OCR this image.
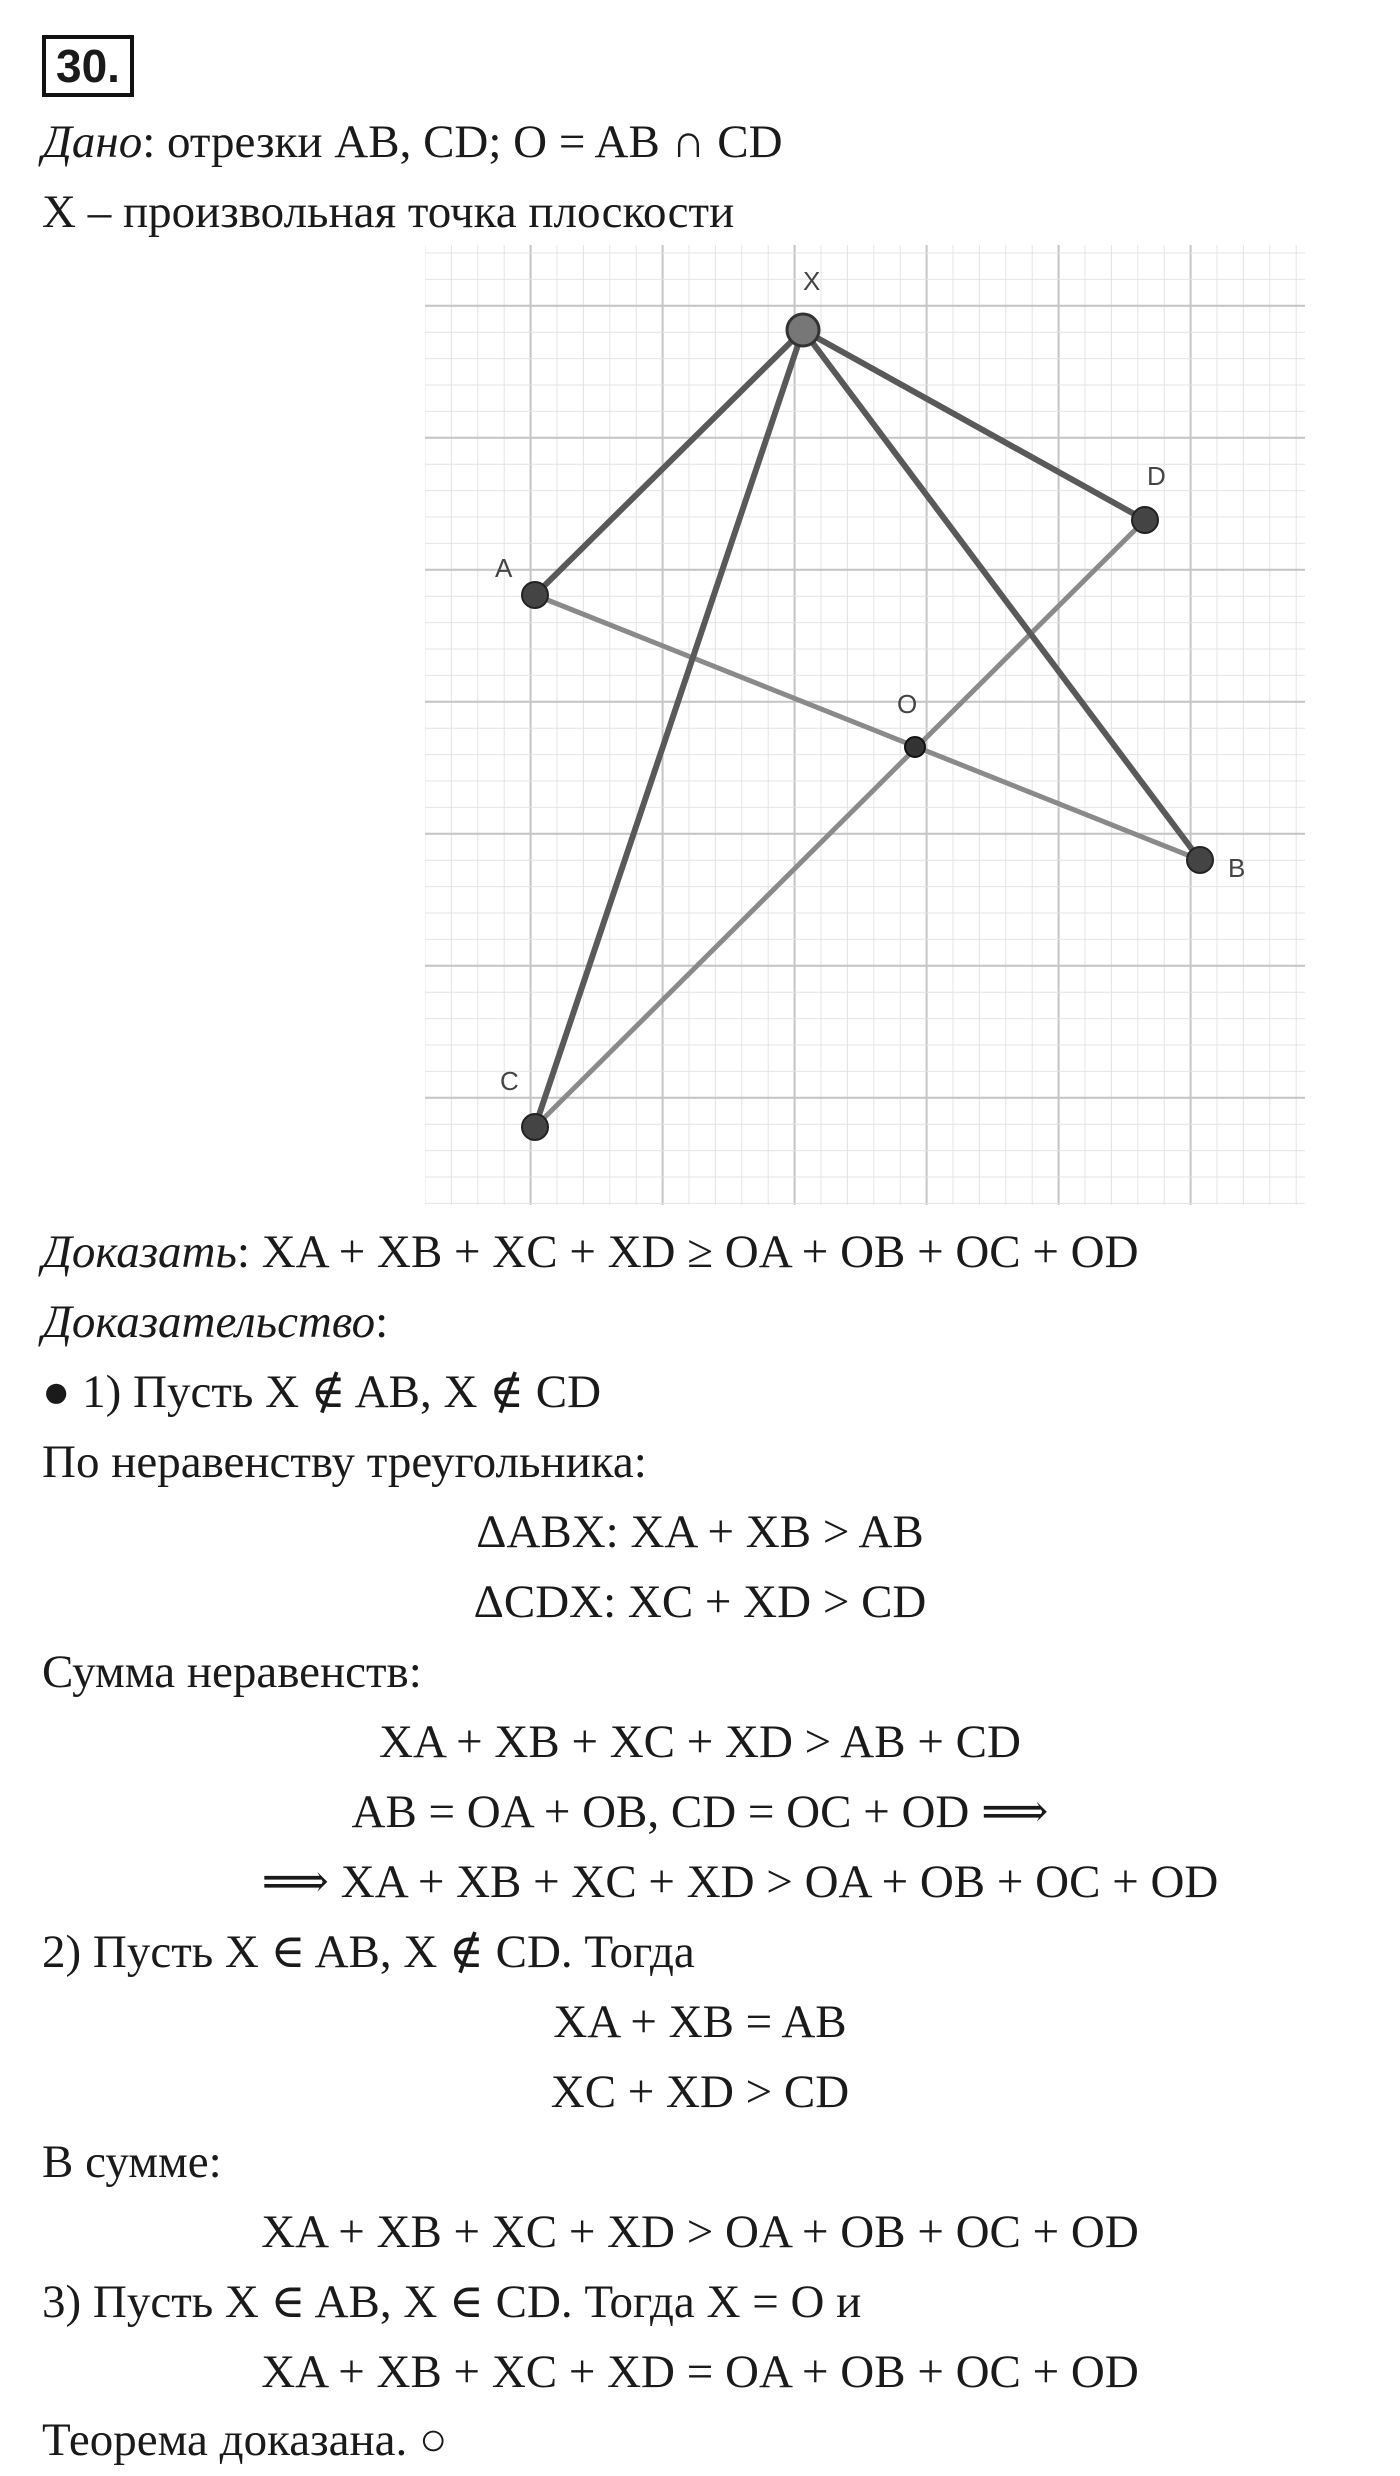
30.
Дано: отрезки AB, CD; O = AB ∩ CD
X – произвольная точка плоскости
A
B
C
D
O
X
Доказать: XA + XB + XC + XD ≥ OA + OB + OC + OD
Доказательство:
● 1) Пусть X ∉ AB, X ∉ CD
По неравенству треугольника:
ΔABX: XA + XB > AB
ΔCDX: XC + XD > CD
Сумма неравенств:
XA + XB + XC + XD > AB + CD
AB = OA + OB, CD = OC + OD ⟹
⟹ XA + XB + XC + XD > OA + OB + OC + OD
2) Пусть X ∈ AB, X ∉ CD. Тогда
XA + XB = AB
XC + XD > CD
В сумме:
XA + XB + XC + XD > OA + OB + OC + OD
3) Пусть X ∈ AB, X ∈ CD. Тогда X = O и
XA + XB + XC + XD = OA + OB + OC + OD
Теорема доказана. ○
